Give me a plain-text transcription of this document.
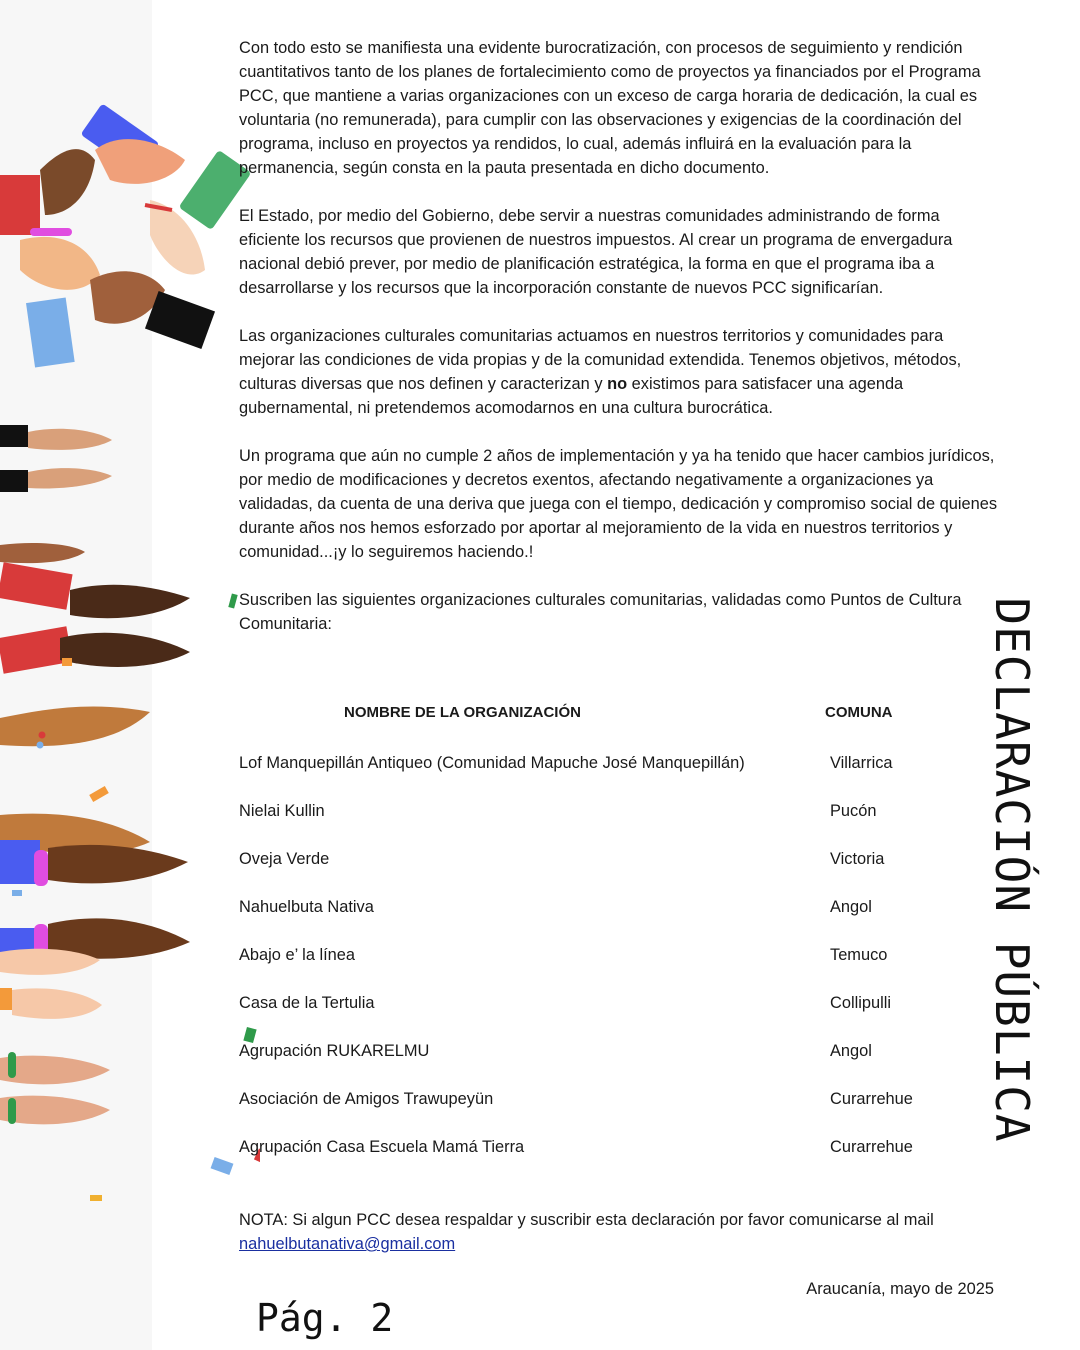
Con todo esto se manifiesta una evidente burocratización, con procesos de seguimiento y rendición cuantitativos tanto de los planes de fortalecimiento como de proyectos ya financiados por el Programa PCC, que mantiene a varias organizaciones con un exceso de carga horaria de dedicación, la cual es voluntaria (no remunerada), para cumplir con las observaciones y exigencias de la coordinación del programa, incluso en proyectos ya rendidos, lo cual, además influirá en la evaluación para la permanencia, según consta en la pauta presentada en dicho documento.

El Estado, por medio del Gobierno, debe servir a nuestras comunidades administrando de forma eficiente los recursos que provienen de nuestros impuestos. Al crear un programa de envergadura nacional debió prever, por medio de planificación estratégica, la forma en que el programa iba a desarrollarse y los recursos que la incorporación constante de nuevos PCC significarían.

Las organizaciones culturales comunitarias actuamos en nuestros territorios y comunidades para mejorar las condiciones de vida propias y de la comunidad extendida. Tenemos objetivos, métodos, culturas diversas que nos definen y caracterizan y no existimos para satisfacer una agenda gubernamental, ni pretendemos acomodarnos en una cultura burocrática.

Un programa que aún no cumple 2 años de implementación y ya ha tenido que hacer cambios jurídicos, por medio de modificaciones y decretos exentos, afectando negativamente a organizaciones ya validadas, da cuenta de una deriva que juega con el tiempo, dedicación y compromiso social de quienes durante años nos hemos esforzado por aportar al mejoramiento de la vida en nuestros territorios y comunidad...¡y lo seguiremos haciendo.!

Suscriben las siguientes organizaciones culturales comunitarias, validadas como Puntos de Cultura Comunitaria:

NOMBRE DE LA ORGANIZACIÓN	COMUNA
Lof Manquepillán Antiqueo (Comunidad Mapuche José Manquepillán)	Villarrica
Nielai Kullin	Pucón
Oveja Verde	Victoria
Nahuelbuta Nativa	Angol
Abajo e’ la línea	Temuco
Casa de la Tertulia	Collipulli
Agrupación RUKARELMU	Angol
Asociación de Amigos Trawupeyün	Curarrehue
Agrupación Casa Escuela Mamá Tierra	Curarrehue
NOTA: Si algun PCC desea respaldar y suscribir esta declaración por favor comunicarse al mail
nahuelbutanativa@gmail.com
Araucanía, mayo de 2025
Pág. 2
DECLARACIÓN PÚBLICA
